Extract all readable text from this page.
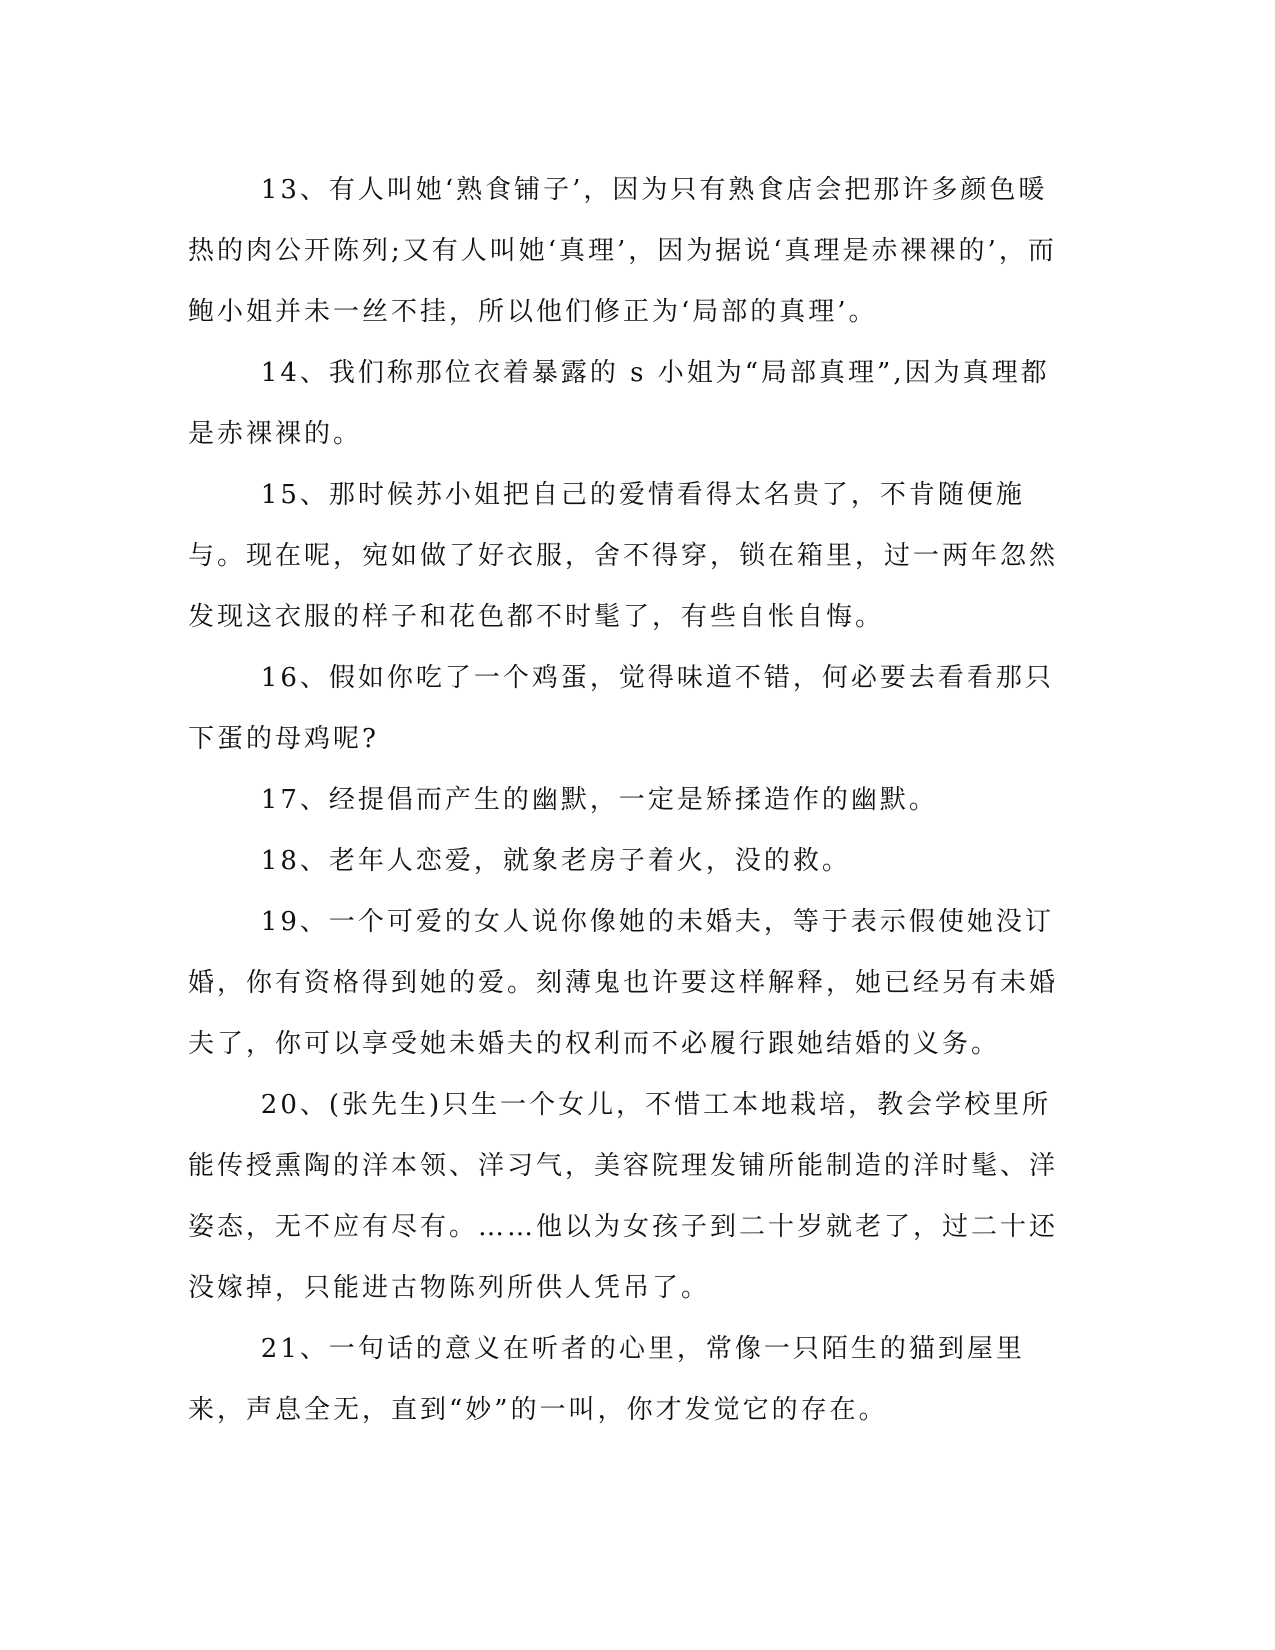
13、有人叫她‘熟食铺子’，因为只有熟食店会把那许多颜色暖热的肉公开陈列;又有人叫她‘真理’，因为据说‘真理是赤裸裸的’，而鲍小姐并未一丝不挂，所以他们修正为‘局部的真理’。

14、我们称那位衣着暴露的 s 小姐为“局部真理”,因为真理都是赤裸裸的。

15、那时候苏小姐把自己的爱情看得太名贵了，不肯随便施与。现在呢，宛如做了好衣服，舍不得穿，锁在箱里，过一两年忽然发现这衣服的样子和花色都不时髦了，有些自怅自悔。

16、假如你吃了一个鸡蛋，觉得味道不错，何必要去看看那只下蛋的母鸡呢?

17、经提倡而产生的幽默，一定是矫揉造作的幽默。

18、老年人恋爱，就象老房子着火，没的救。

19、一个可爱的女人说你像她的未婚夫，等于表示假使她没订婚，你有资格得到她的爱。刻薄鬼也许要这样解释，她已经另有未婚夫了，你可以享受她未婚夫的权利而不必履行跟她结婚的义务。

20、(张先生)只生一个女儿，不惜工本地栽培，教会学校里所能传授熏陶的洋本领、洋习气，美容院理发铺所能制造的洋时髦、洋姿态，无不应有尽有。……他以为女孩子到二十岁就老了，过二十还没嫁掉，只能进古物陈列所供人凭吊了。

21、一句话的意义在听者的心里，常像一只陌生的猫到屋里来，声息全无，直到“妙”的一叫，你才发觉它的存在。
